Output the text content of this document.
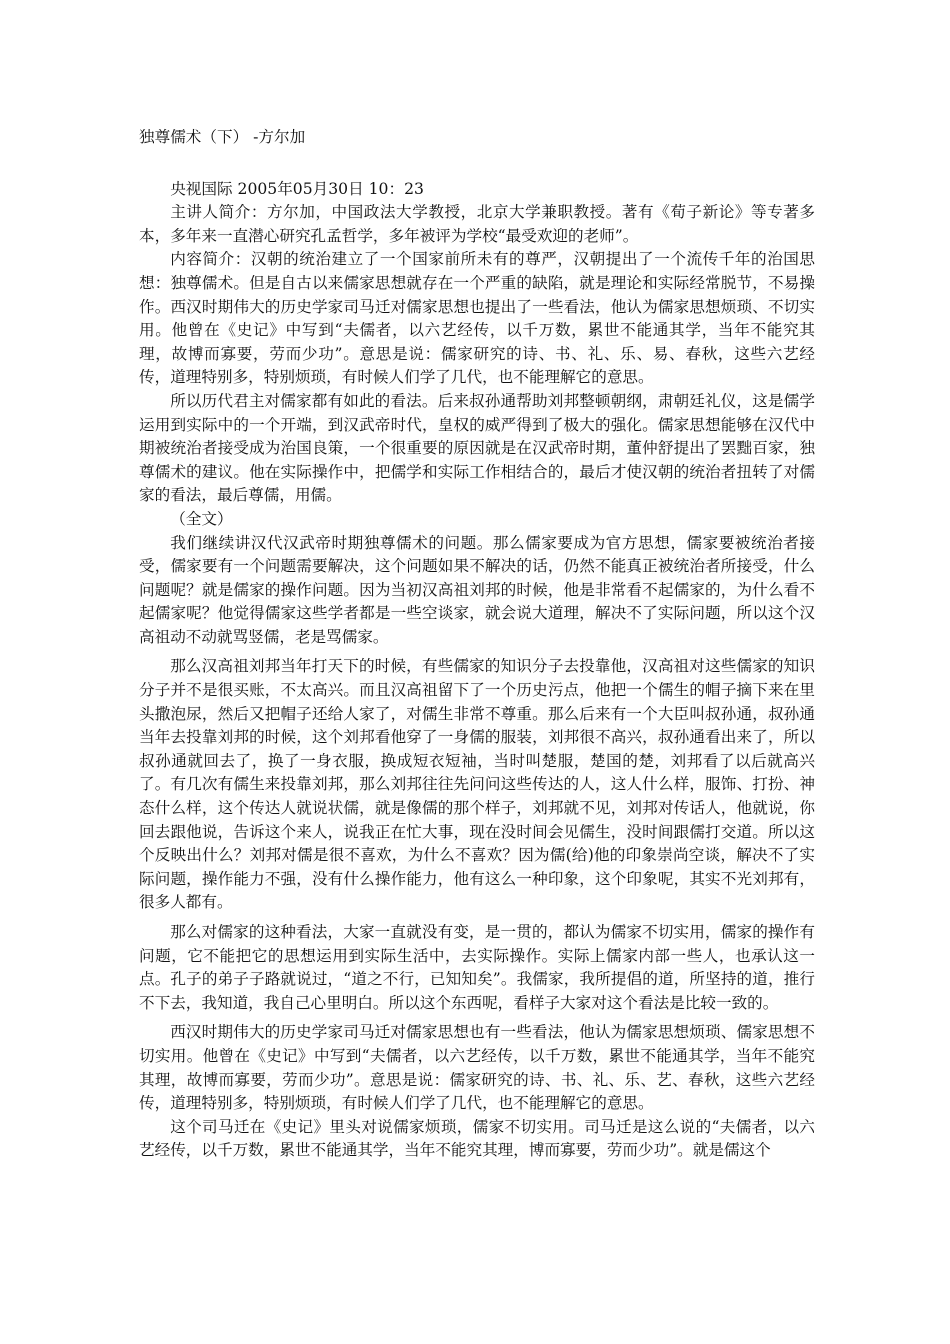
独尊儒术（下） -方尔加

央视国际 2005年05月30日 10：23

主讲人简介：方尔加，中国政法大学教授，北京大学兼职教授。著有《荀子新论》等专著多本，多年来一直潜心研究孔孟哲学，多年被评为学校“最受欢迎的老师”。

内容简介：汉朝的统治建立了一个国家前所未有的尊严，汉朝提出了一个流传千年的治国思想：独尊儒术。但是自古以来儒家思想就存在一个严重的缺陷，就是理论和实际经常脱节，不易操作。西汉时期伟大的历史学家司马迁对儒家思想也提出了一些看法，他认为儒家思想烦琐、不切实用。他曾在《史记》中写到“夫儒者，以六艺经传，以千万数，累世不能通其学，当年不能究其理，故博而寡要，劳而少功”。意思是说：儒家研究的诗、书、礼、乐、易、春秋，这些六艺经传，道理特别多，特别烦琐，有时候人们学了几代，也不能理解它的意思。

所以历代君主对儒家都有如此的看法。后来叔孙通帮助刘邦整顿朝纲，肃朝廷礼仪，这是儒学运用到实际中的一个开端，到汉武帝时代，皇权的威严得到了极大的强化。儒家思想能够在汉代中期被统治者接受成为治国良策，一个很重要的原因就是在汉武帝时期，董仲舒提出了罢黜百家，独尊儒术的建议。他在实际操作中，把儒学和实际工作相结合的，最后才使汉朝的统治者扭转了对儒家的看法，最后尊儒，用儒。

（全文）

我们继续讲汉代汉武帝时期独尊儒术的问题。那么儒家要成为官方思想，儒家要被统治者接受，儒家要有一个问题需要解决，这个问题如果不解决的话，仍然不能真正被统治者所接受，什么问题呢？就是儒家的操作问题。因为当初汉高祖刘邦的时候，他是非常看不起儒家的，为什么看不起儒家呢？他觉得儒家这些学者都是一些空谈家，就会说大道理，解决不了实际问题，所以这个汉高祖动不动就骂竖儒，老是骂儒家。

那么汉高祖刘邦当年打天下的时候，有些儒家的知识分子去投靠他，汉高祖对这些儒家的知识分子并不是很买账，不太高兴。而且汉高祖留下了一个历史污点，他把一个儒生的帽子摘下来在里头撒泡尿，然后又把帽子还给人家了，对儒生非常不尊重。那么后来有一个大臣叫叔孙通，叔孙通当年去投靠刘邦的时候，这个刘邦看他穿了一身儒的服装，刘邦很不高兴，叔孙通看出来了，所以叔孙通就回去了，换了一身衣服，换成短衣短袖，当时叫楚服，楚国的楚，刘邦看了以后就高兴了。有几次有儒生来投靠刘邦，那么刘邦往往先问问这些传达的人，这人什么样，服饰、打扮、神态什么样，这个传达人就说状儒，就是像儒的那个样子，刘邦就不见，刘邦对传话人，他就说，你回去跟他说，告诉这个来人，说我正在忙大事，现在没时间会见儒生，没时间跟儒打交道。所以这个反映出什么？刘邦对儒是很不喜欢，为什么不喜欢？因为儒(给)他的印象崇尚空谈，解决不了实际问题，操作能力不强，没有什么操作能力，他有这么一种印象，这个印象呢，其实不光刘邦有，很多人都有。

那么对儒家的这种看法，大家一直就没有变，是一贯的，都认为儒家不切实用，儒家的操作有问题，它不能把它的思想运用到实际生活中，去实际操作。实际上儒家内部一些人，也承认这一点。孔子的弟子子路就说过，“道之不行，已知知矣”。我儒家，我所提倡的道，所坚持的道，推行不下去，我知道，我自己心里明白。所以这个东西呢，看样子大家对这个看法是比较一致的。

西汉时期伟大的历史学家司马迁对儒家思想也有一些看法，他认为儒家思想烦琐、儒家思想不切实用。他曾在《史记》中写到“夫儒者，以六艺经传，以千万数，累世不能通其学，当年不能究其理，故博而寡要，劳而少功”。意思是说：儒家研究的诗、书、礼、乐、艺、春秋，这些六艺经传，道理特别多，特别烦琐，有时候人们学了几代，也不能理解它的意思。

这个司马迁在《史记》里头对说儒家烦琐，儒家不切实用。司马迁是这么说的“夫儒者，以六艺经传，以千万数，累世不能通其学，当年不能究其理，博而寡要，劳而少功”。就是儒这个
